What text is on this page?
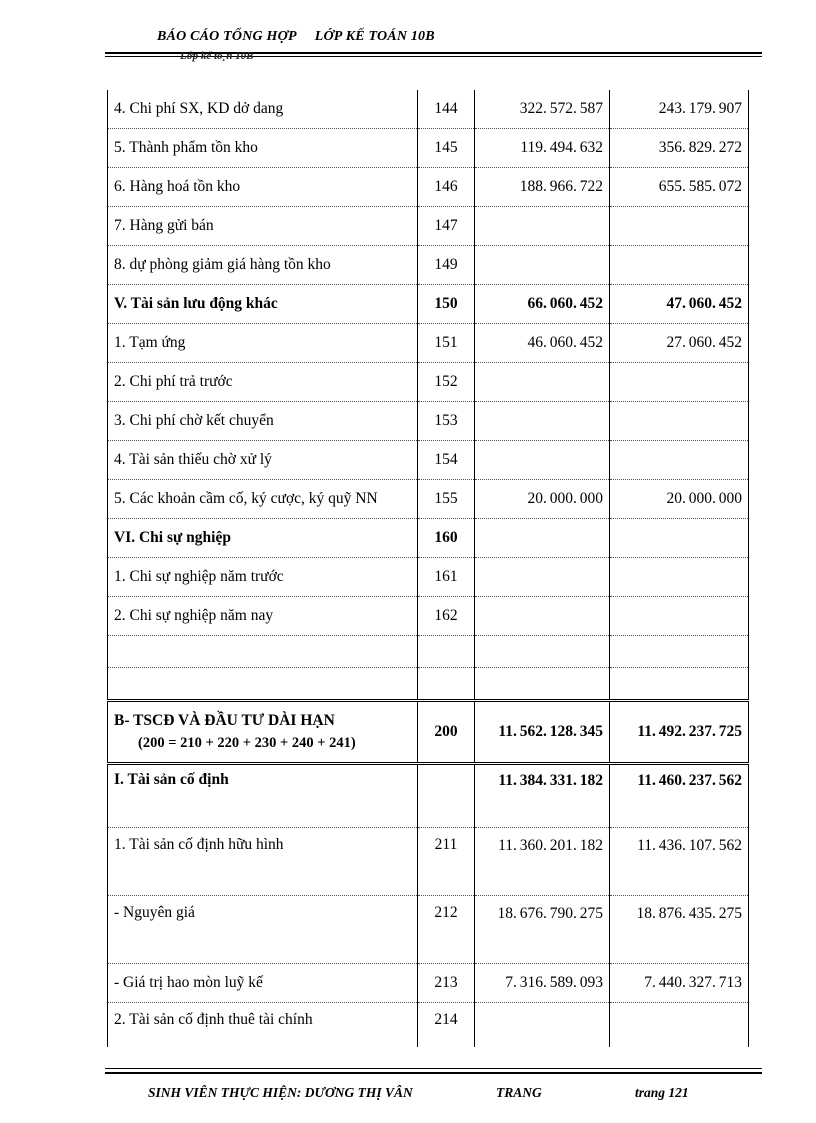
BÁO CÁO TỔNG HỢP LỚP KẾ TOÁN 10B
Lớp kế to¸n 10B
4. Chi phí SX, KD dở dang	144	322. 572. 587	243. 179. 907
5. Thành phẩm tồn kho	145	119. 494. 632	356. 829. 272
6. Hàng hoá tồn kho	146	188. 966. 722	655. 585. 072
7. Hàng gửi bán	147		
8. dự phòng giảm giá hàng tồn kho	149		
V. Tài sản lưu động khác	150	66. 060. 452	47. 060. 452
1. Tạm ứng	151	46. 060. 452	27. 060. 452
2. Chi phí trả trước	152		
3. Chi phí chờ kết chuyển	153		
4. Tài sản thiếu chờ xử lý	154		
5. Các khoản cầm cố, ký cược, ký quỹ NN	155	20. 000. 000	20. 000. 000
VI. Chi sự nghiệp	160		
1. Chi sự nghiệp năm trước	161		
2. Chi sự nghiệp năm nay	162		

B- TSCĐ VÀ ĐẦU TƯ DÀI HẠN
(200 = 210 + 220 + 230 + 240 + 241)	200	11. 562. 128. 345	11. 492. 237. 725
I. Tài sản cố định		11. 384. 331. 182	11. 460. 237. 562
1. Tài sản cố định hữu hình	211	11. 360. 201. 182	11. 436. 107. 562
- Nguyên giá	212	18. 676. 790. 275	18. 876. 435. 275
- Giá trị hao mòn luỹ kế	213	7. 316. 589. 093	7. 440. 327. 713
2. Tài sản cố định thuê tài chính	214		
SINH VIÊN THỰC HIỆN: DƯƠNG THỊ VÂN	TRANG	trang 121
